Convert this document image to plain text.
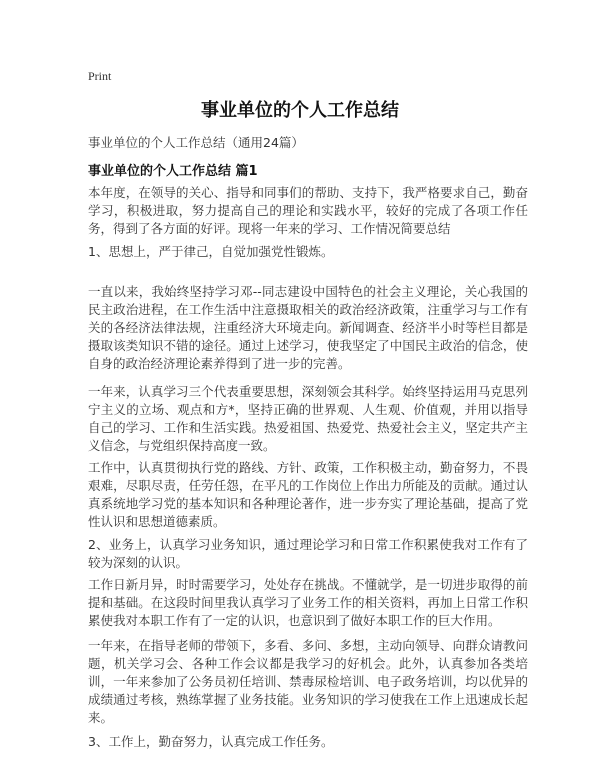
Print
事业单位的个人工作总结
事业单位的个人工作总结（通用24篇）
事业单位的个人工作总结 篇1

本年度，在领导的关心、指导和同事们的帮助、支持下，我严格要求自己，勤奋学习，积极进取，努力提高自己的理论和实践水平，较好的完成了各项工作任务，得到了各方面的好评。现将一年来的学习、工作情况简要总结

1、思想上，严于律己，自觉加强党性锻炼。

一直以来，我始终坚持学习邓--同志建设中国特色的社会主义理论，关心我国的民主政治进程，在工作生活中注意摄取相关的政治经济政策，注重学习与工作有关的各经济法律法规，注重经济大环境走向。新闻调查、经济半小时等栏目都是摄取该类知识不错的途径。通过上述学习，使我坚定了中国民主政治的信念，使自身的政治经济理论素养得到了进一步的完善。

一年来，认真学习三个代表重要思想，深刻领会其科学。始终坚持运用马克思列宁主义的立场、观点和方*，坚持正确的世界观、人生观、价值观，并用以指导自己的学习、工作和生活实践。热爱祖国、热爱党、热爱社会主义，坚定共产主义信念，与党组织保持高度一致。

工作中，认真贯彻执行党的路线、方针、政策，工作积极主动，勤奋努力，不畏艰难，尽职尽责，任劳任怨，在平凡的工作岗位上作出力所能及的贡献。通过认真系统地学习党的基本知识和各种理论著作，进一步夯实了理论基础，提高了党性认识和思想道德素质。

2、业务上，认真学习业务知识，通过理论学习和日常工作积累使我对工作有了较为深刻的认识。

工作日新月异，时时需要学习，处处存在挑战。不懂就学，是一切进步取得的前提和基础。在这段时间里我认真学习了业务工作的相关资料，再加上日常工作积累使我对本职工作有了一定的认识，也意识到了做好本职工作的巨大作用。

一年来，在指导老师的带领下，多看、多问、多想，主动向领导、向群众请教问题，机关学习会、各种工作会议都是我学习的好机会。此外，认真参加各类培训，一年来参加了公务员初任培训、禁毒尿检培训、电子政务培训，均以优异的成绩通过考核，熟练掌握了业务技能。业务知识的学习使我在工作上迅速成长起来。

3、工作上，勤奋努力，认真完成工作任务。
